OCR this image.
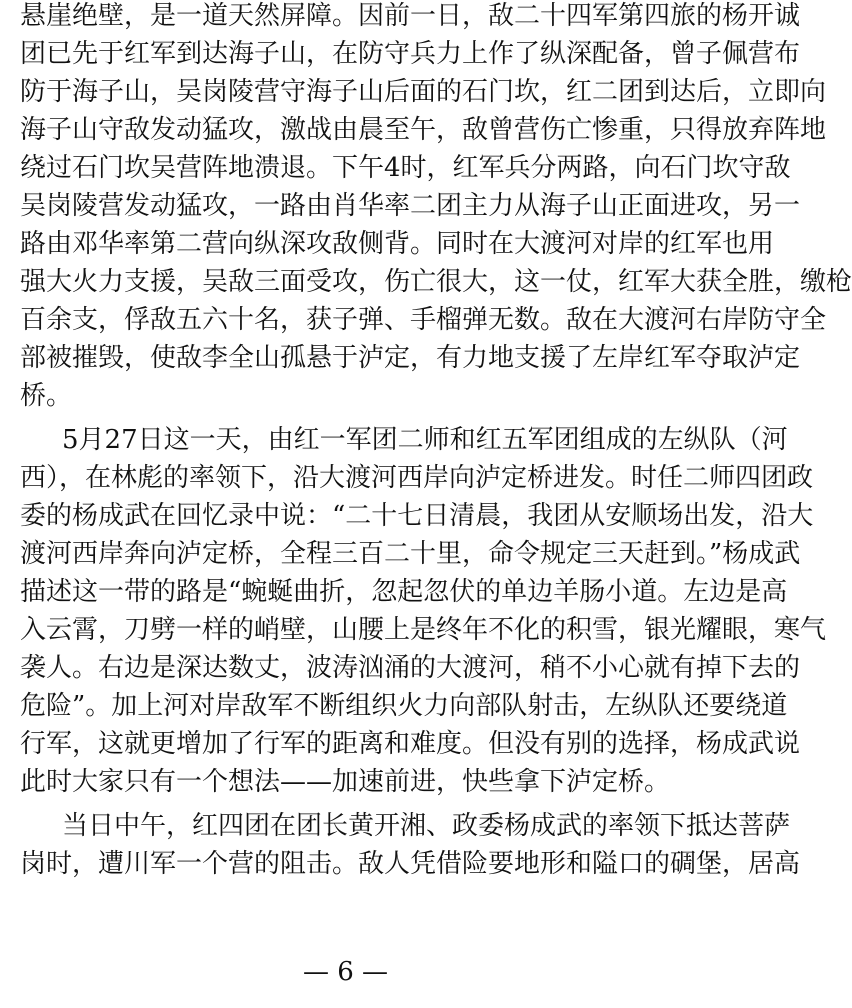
悬崖绝壁，是一道天然屏障。因前一日，敌二十四军第四旅的杨开诚
团已先于红军到达海子山，在防守兵力上作了纵深配备，曾子佩营布
防于海子山，吴岗陵营守海子山后面的石门坎，红二团到达后，立即向
海子山守敌发动猛攻，激战由晨至午，敌曾营伤亡惨重，只得放弃阵地
绕过石门坎吴营阵地溃退。下午4时，红军兵分两路，向石门坎守敌
吴岗陵营发动猛攻，一路由肖华率二团主力从海子山正面进攻，另一
路由邓华率第二营向纵深攻敌侧背。同时在大渡河对岸的红军也用
强大火力支援，吴敌三面受攻，伤亡很大，这一仗，红军大获全胜，缴枪
百余支，俘敌五六十名，获子弹、手榴弹无数。敌在大渡河右岸防守全
部被摧毁，使敌李全山孤悬于泸定，有力地支援了左岸红军夺取泸定
桥。
5月27日这一天，由红一军团二师和红五军团组成的左纵队（河
西），在林彪的率领下，沿大渡河西岸向泸定桥进发。时任二师四团政
委的杨成武在回忆录中说：“二十七日清晨，我团从安顺场出发，沿大
渡河西岸奔向泸定桥，全程三百二十里，命令规定三天赶到。”杨成武
描述这一带的路是“蜿蜒曲折，忽起忽伏的单边羊肠小道。左边是高
入云霄，刀劈一样的峭壁，山腰上是终年不化的积雪，银光耀眼，寒气
袭人。右边是深达数丈，波涛汹涌的大渡河，稍不小心就有掉下去的
危险”。加上河对岸敌军不断组织火力向部队射击，左纵队还要绕道
行军，这就更增加了行军的距离和难度。但没有别的选择，杨成武说
此时大家只有一个想法——加速前进，快些拿下泸定桥。
当日中午，红四团在团长黄开湘、政委杨成武的率领下抵达菩萨
岗时，遭川军一个营的阻击。敌人凭借险要地形和隘口的碉堡，居高
— 6 —
